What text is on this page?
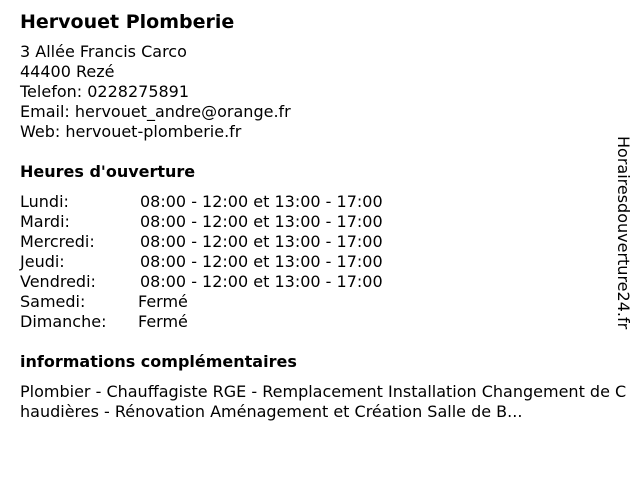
Hervouet Plomberie
3 Allée Francis Carco
44400 Rezé
Telefon: 0228275891
Email: hervouet_andre@orange.fr
Web: hervouet-plomberie.fr
Heures d'ouverture
Lundi:	08:00 - 12:00 et 13:00 - 17:00
Mardi:	08:00 - 12:00 et 13:00 - 17:00
Mercredi:	08:00 - 12:00 et 13:00 - 17:00
Jeudi:	08:00 - 12:00 et 13:00 - 17:00
Vendredi:	08:00 - 12:00 et 13:00 - 17:00
Samedi:	Fermé
Dimanche:	Fermé
informations complémentaires
Plombier - Chauffagiste RGE - Remplacement Installation Changement de Chaudières - Rénovation Aménagement et Création Salle de B...
Horairesdouverture24.fr
